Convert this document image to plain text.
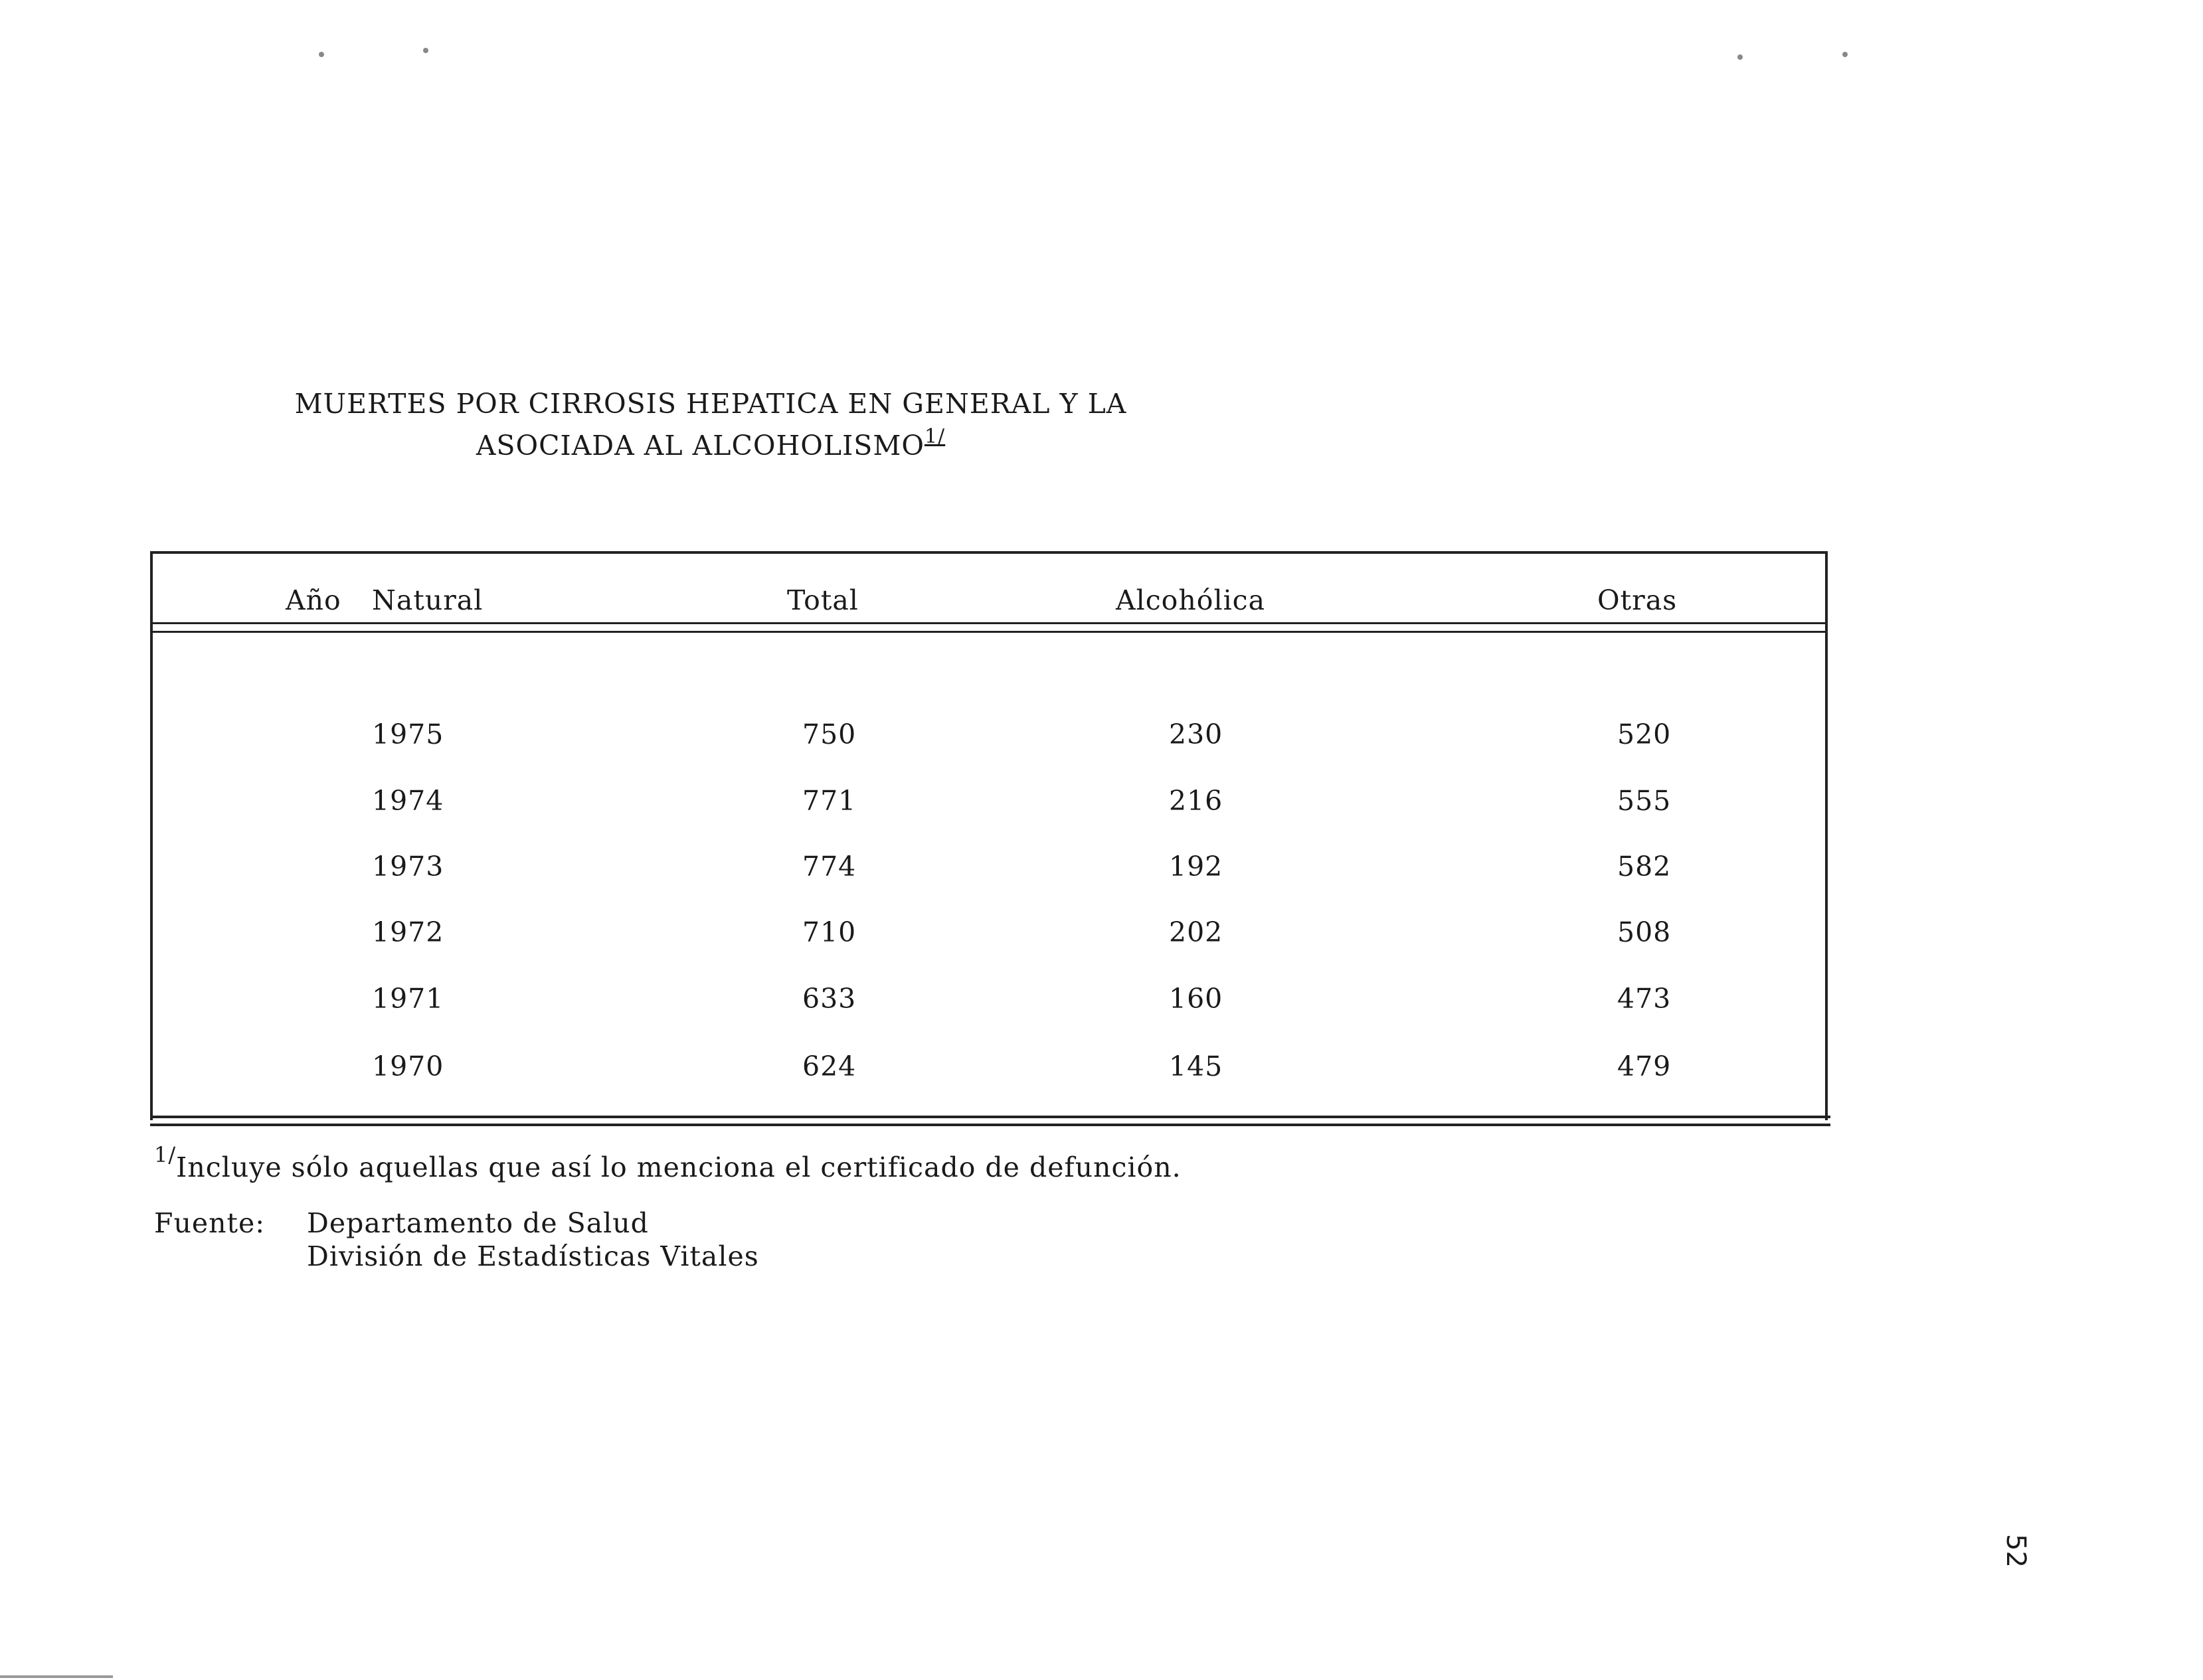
MUERTES POR CIRROSIS HEPATICA EN GENERAL Y LA
ASOCIADA AL $ALCOHOLISMO^{1/}$
Año Natural	Total	Alcohólica	Otras
1975	750	230	520
1974	771	216	555
1973	774	192	582
1972	710	202	508
1971	633	160	473
1970	624	145	479
$^{1/}$Incluye sólo aquellas que así lo menciona el certificado de defunción.
Fuente: Departamento de Salud
División de Estadísticas Vitales
52
